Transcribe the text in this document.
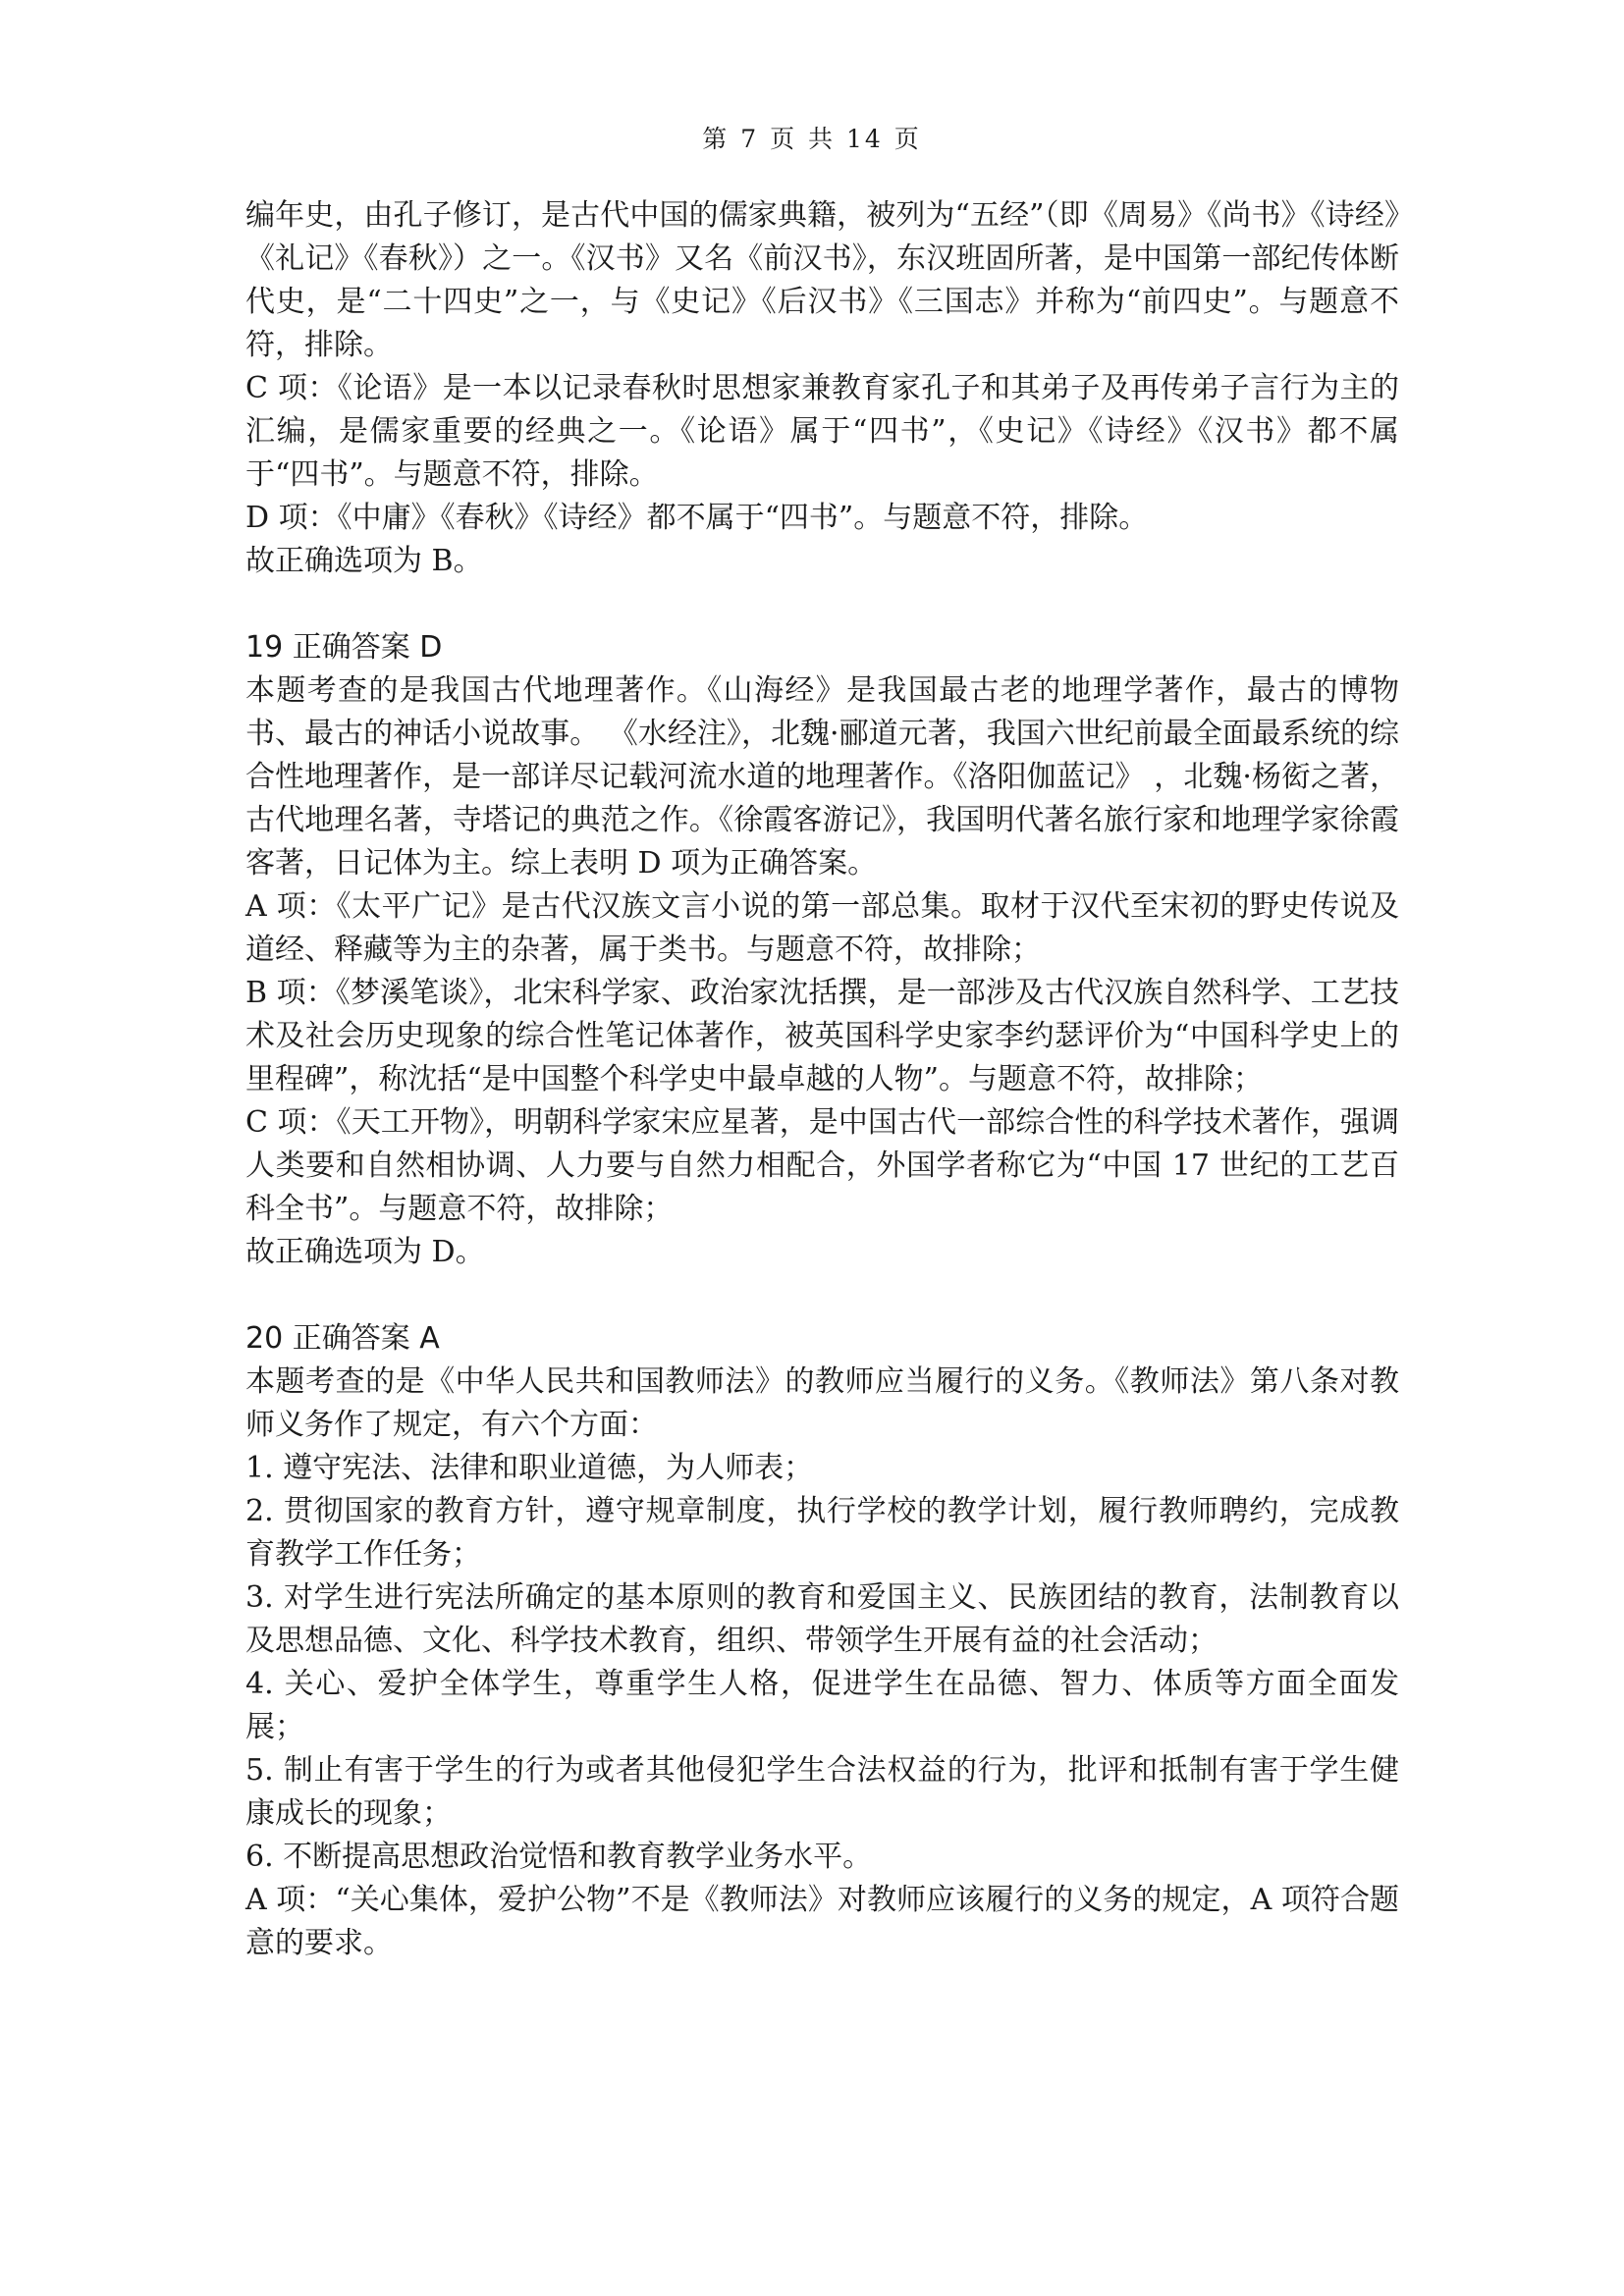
第 7 页 共 14 页

编年史，由孔子修订，是古代中国的儒家典籍，被列为“五经”（即《周易》《尚书》《诗经》《礼记》《春秋》）之一。《汉书》又名《前汉书》，东汉班固所著，是中国第一部纪传体断代史，是“二十四史”之一，与《史记》《后汉书》《三国志》并称为“前四史”。与题意不符，排除。

C 项：《论语》是一本以记录春秋时思想家兼教育家孔子和其弟子及再传弟子言行为主的汇编，是儒家重要的经典之一。《论语》属于“四书”，《史记》《诗经》《汉书》都不属于“四书”。与题意不符，排除。

D 项：《中庸》《春秋》《诗经》都不属于“四书”。与题意不符，排除。

故正确选项为 B。

19 正确答案 D

本题考查的是我国古代地理著作。《山海经》是我国最古老的地理学著作，最古的博物书、最古的神话小说故事。 《水经注》，北魏·郦道元著，我国六世纪前最全面最系统的综合性地理著作，是一部详尽记载河流水道的地理著作。《洛阳伽蓝记》 ，北魏·杨衒之著，古代地理名著，寺塔记的典范之作。《徐霞客游记》，我国明代著名旅行家和地理学家徐霞客著，日记体为主。综上表明 D 项为正确答案。

A 项：《太平广记》是古代汉族文言小说的第一部总集。取材于汉代至宋初的野史传说及道经、释藏等为主的杂著，属于类书。与题意不符，故排除；

B 项：《梦溪笔谈》，北宋科学家、政治家沈括撰，是一部涉及古代汉族自然科学、工艺技术及社会历史现象的综合性笔记体著作，被英国科学史家李约瑟评价为“中国科学史上的里程碑”，称沈括“是中国整个科学史中最卓越的人物”。与题意不符，故排除；

C 项：《天工开物》，明朝科学家宋应星著，是中国古代一部综合性的科学技术著作，强调人类要和自然相协调、人力要与自然力相配合，外国学者称它为“中国 17 世纪的工艺百科全书”。与题意不符，故排除；

故正确选项为 D。

20 正确答案 A

本题考查的是《中华人民共和国教师法》的教师应当履行的义务。《教师法》第八条对教师义务作了规定，有六个方面：

1. 遵守宪法、法律和职业道德，为人师表；

2. 贯彻国家的教育方针，遵守规章制度，执行学校的教学计划，履行教师聘约，完成教育教学工作任务；

3. 对学生进行宪法所确定的基本原则的教育和爱国主义、民族团结的教育，法制教育以及思想品德、文化、科学技术教育，组织、带领学生开展有益的社会活动；

4. 关心、爱护全体学生，尊重学生人格，促进学生在品德、智力、体质等方面全面发展；

5. 制止有害于学生的行为或者其他侵犯学生合法权益的行为，批评和抵制有害于学生健康成长的现象；

6. 不断提高思想政治觉悟和教育教学业务水平。

A 项：“关心集体，爱护公物”不是《教师法》对教师应该履行的义务的规定，A 项符合题意的要求。
